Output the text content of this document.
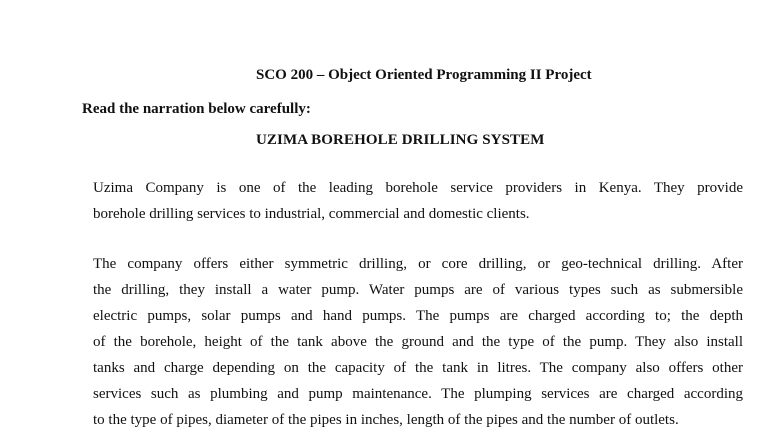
SCO 200 – Object Oriented Programming II Project
Read the narration below carefully:
UZIMA BOREHOLE DRILLING SYSTEM
Uzima Company is one of the leading borehole service providers in Kenya. They provide
borehole drilling services to industrial, commercial and domestic clients.
The company offers either symmetric drilling, or core drilling, or geo-technical drilling. After
the drilling, they install a water pump. Water pumps are of various types such as submersible
electric pumps, solar pumps and hand pumps. The pumps are charged according to; the depth
of the borehole, height of the tank above the ground and the type of the pump. They also install
tanks and charge depending on the capacity of the tank in litres. The company also offers other
services such as plumbing and pump maintenance. The plumping services are charged according
to the type of pipes, diameter of the pipes in inches, length of the pipes and the number of outlets.
